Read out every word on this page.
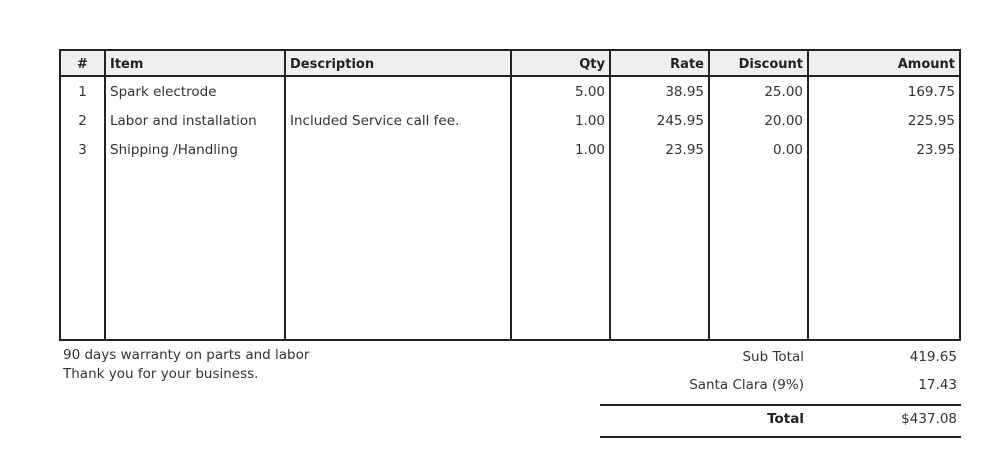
#	Item	Description	Qty	Rate	Discount	Amount
1	Spark electrode		5.00	38.95	25.00	169.75
2	Labor and installation	Included Service call fee.	1.00	245.95	20.00	225.95
3	Shipping /Handling		1.00	23.95	0.00	23.95

90 days warranty on parts and labor
Thank you for your business.
Sub Total	419.65
Santa Clara (9%)	17.43
Total	$437.08
